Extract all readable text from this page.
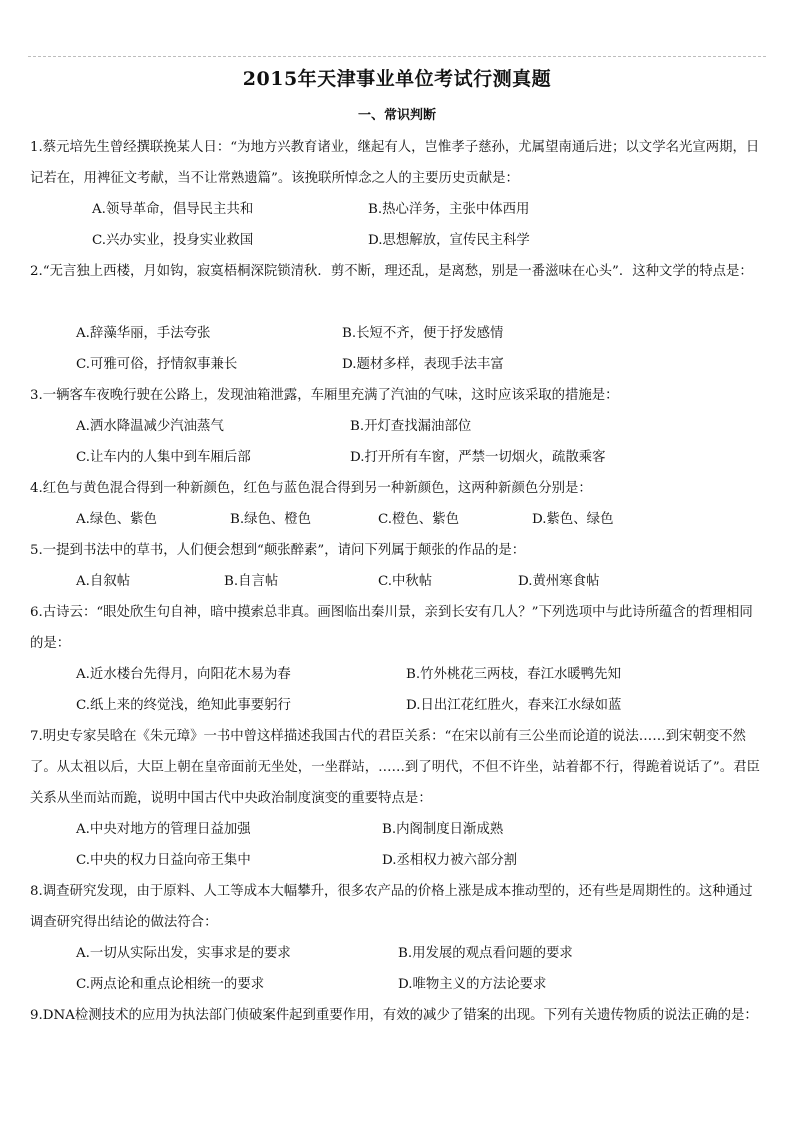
2015年天津事业单位考试行测真题
一、常识判断

1.蔡元培先生曾经撰联挽某人日：“为地方兴教育诸业，继起有人，岂惟孝子慈孙，尤属望南通后进；以文学名光宣两期，日记若在，用裨征文考献，当不让常熟遗篇”。该挽联所悼念之人的主要历史贡献是：

A.领导革命，倡导民主共和	B.热心洋务，主张中体西用
C.兴办实业，投身实业救国	D.思想解放，宣传民主科学

2.“无言独上西楼，月如钩，寂寞梧桐深院锁清秋．剪不断，理还乱，是离愁，别是一番滋味在心头”．这种文学的特点是：

A.辞藻华丽，手法夸张	B.长短不齐，便于抒发感情
C.可雅可俗，抒情叙事兼长	D.题材多样，表现手法丰富

3.一辆客车夜晚行驶在公路上，发现油箱泄露，车厢里充满了汽油的气味，这时应该采取的措施是：

A.洒水降温减少汽油蒸气	B.开灯查找漏油部位
C.让车内的人集中到车厢后部	D.打开所有车窗，严禁一切烟火，疏散乘客

4.红色与黄色混合得到一种新颜色，红色与蓝色混合得到另一种新颜色，这两种新颜色分别是：

A.绿色、紫色	B.绿色、橙色	C.橙色、紫色	D.紫色、绿色

5.一提到书法中的草书，人们便会想到“颠张醉素”，请问下列属于颠张的作品的是：

A.自叙帖	B.自言帖	C.中秋帖	D.黄州寒食帖

6.古诗云：“眼处欣生句自神，暗中摸索总非真。画图临出秦川景，亲到长安有几人？”下列选项中与此诗所蕴含的哲理相同的是：

A.近水楼台先得月，向阳花木易为春	B.竹外桃花三两枝，春江水暖鸭先知
C.纸上来的终觉浅，绝知此事要躬行	D.日出江花红胜火，春来江水绿如蓝

7.明史专家吴晗在《朱元璋》一书中曾这样描述我国古代的君臣关系：“在宋以前有三公坐而论道的说法……到宋朝变不然了。从太祖以后，大臣上朝在皇帝面前无坐处，一坐群站，……到了明代，不但不许坐，站着都不行，得跪着说话了”。君臣关系从坐而站而跪，说明中国古代中央政治制度演变的重要特点是：

A.中央对地方的管理日益加强	B.内阁制度日渐成熟
C.中央的权力日益向帝王集中	D.丞相权力被六部分割

8.调查研究发现，由于原料、人工等成本大幅攀升，很多农产品的价格上涨是成本推动型的，还有些是周期性的。这种通过调查研究得出结论的做法符合：

A.一切从实际出发，实事求是的要求	B.用发展的观点看问题的要求
C.两点论和重点论相统一的要求	D.唯物主义的方法论要求

9.DNA检测技术的应用为执法部门侦破案件起到重要作用，有效的减少了错案的出现。下列有关遗传物质的说法正确的是：
